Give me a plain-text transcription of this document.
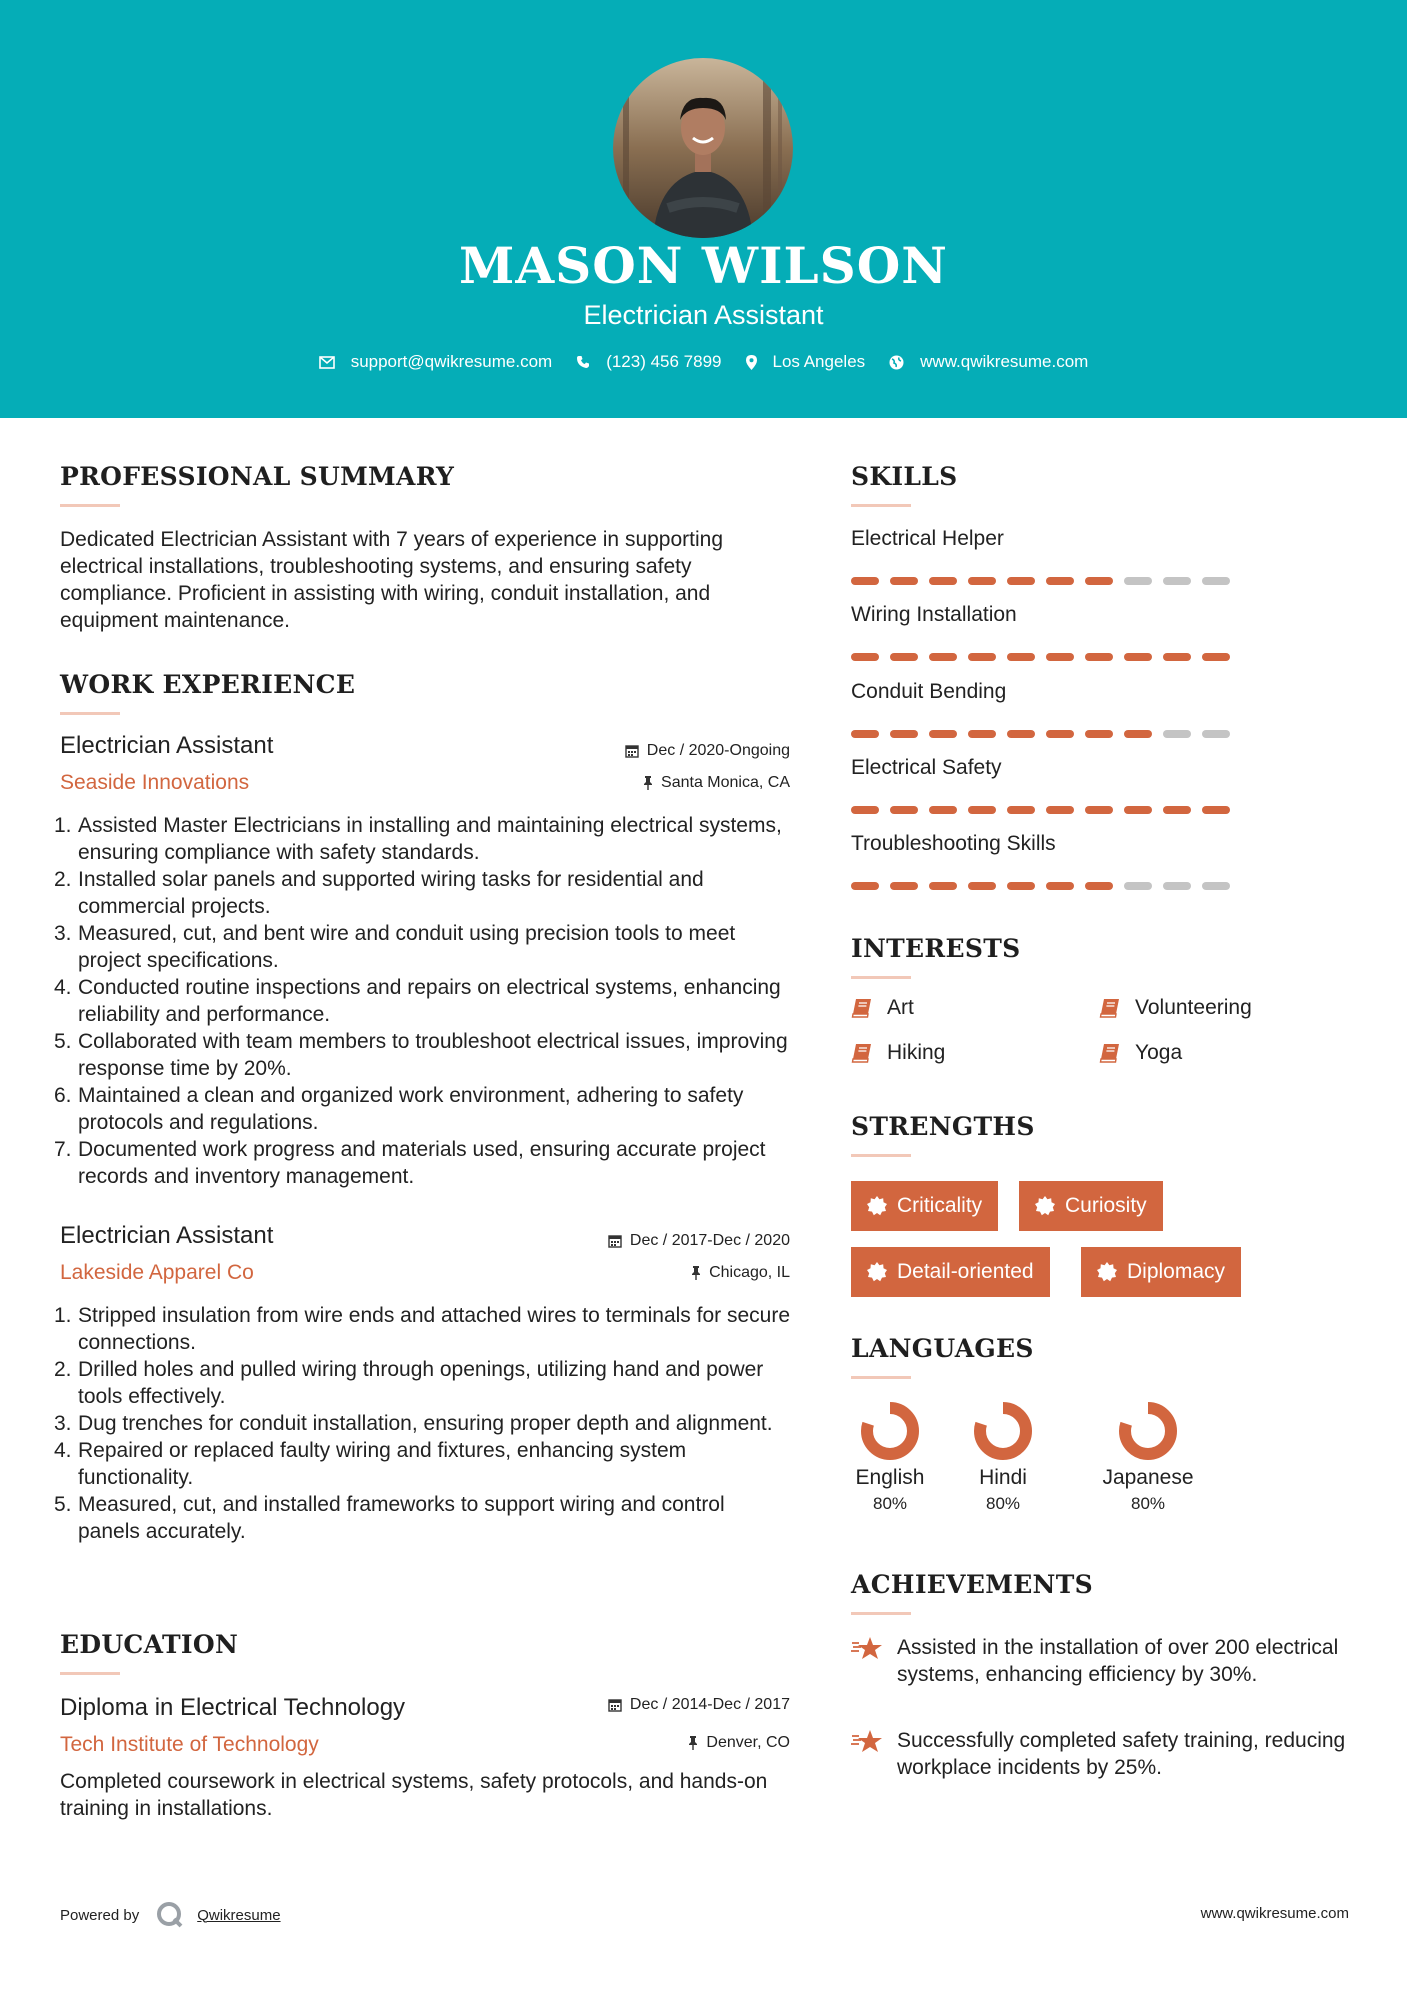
MASON WILSON
Electrician Assistant
support@qwikresume.com	(123) 456 7899	Los Angeles	www.qwikresume.com
PROFESSIONAL SUMMARY
Dedicated Electrician Assistant with 7 years of experience in supporting electrical installations, troubleshooting systems, and ensuring safety compliance. Proficient in assisting with wiring, conduit installation, and equipment maintenance.
WORK EXPERIENCE
Electrician Assistant
Seaside Innovations
Dec / 2020-Ongoing
Santa Monica, CA
1. Assisted Master Electricians in installing and maintaining electrical systems, ensuring compliance with safety standards.
2. Installed solar panels and supported wiring tasks for residential and commercial projects.
3. Measured, cut, and bent wire and conduit using precision tools to meet project specifications.
4. Conducted routine inspections and repairs on electrical systems, enhancing reliability and performance.
5. Collaborated with team members to troubleshoot electrical issues, improving response time by 20%.
6. Maintained a clean and organized work environment, adhering to safety protocols and regulations.
7. Documented work progress and materials used, ensuring accurate project records and inventory management.
Electrician Assistant
Lakeside Apparel Co
Dec / 2017-Dec / 2020
Chicago, IL
1. Stripped insulation from wire ends and attached wires to terminals for secure connections.
2. Drilled holes and pulled wiring through openings, utilizing hand and power tools effectively.
3. Dug trenches for conduit installation, ensuring proper depth and alignment.
4. Repaired or replaced faulty wiring and fixtures, enhancing system functionality.
5. Measured, cut, and installed frameworks to support wiring and control panels accurately.
EDUCATION
Diploma in Electrical Technology
Tech Institute of Technology
Dec / 2014-Dec / 2017
Denver, CO
Completed coursework in electrical systems, safety protocols, and hands-on training in installations.
SKILLS
Electrical Helper
Wiring Installation
Conduit Bending
Electrical Safety
Troubleshooting Skills
INTERESTS
Art	Volunteering
Hiking	Yoga
STRENGTHS
Criticality	Curiosity
Detail-oriented	Diplomacy
LANGUAGES
English
80%
Hindi
80%
Japanese
80%
ACHIEVEMENTS
Assisted in the installation of over 200 electrical systems, enhancing efficiency by 30%.
Successfully completed safety training, reducing workplace incidents by 25%.
Powered by	Qwikresume	www.qwikresume.com
